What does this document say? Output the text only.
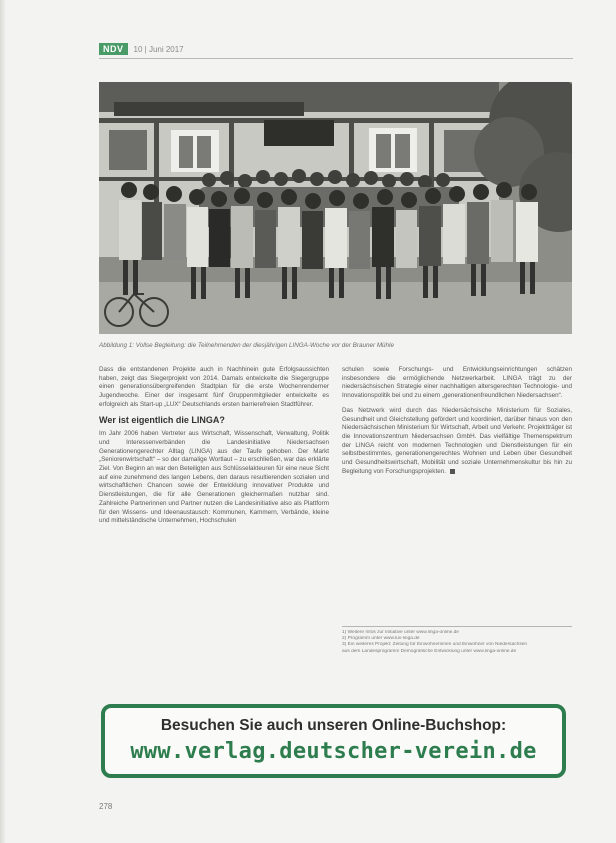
NDV	10 | Juni 2017
Abbildung 1: Vollse Begleitung: die Teilnehmenden der diesjährigen LINGA-Woche vor der Brauner Mühle

Dass die entstandenen Projekte auch in Nachhinein gute Erfolgsaussichten haben, zeigt das Siegerprojekt von 2014. Damals entwickelte die Siegergruppe einen generationsübergreifenden Stadtplan für die erste Wochenrenderner Jugendwoche. Einer der insgesamt fünf Gruppenmitglieder entwickelte es erfolgreich als Start-up „LUX“ Deutschlands ersten barrierefreien Stadtführer.

Wer ist eigentlich die LINGA?

Im Jahr 2006 haben Vertreter aus Wirtschaft, Wissenschaft, Verwaltung, Politik und Interessenverbänden die Landesinitiative Niedersachsen Generationengerechter Alltag (LINGA) aus der Taufe gehoben. Der Markt „Seniorenwirtschaft“ – so der damalige Wortlaut – zu erschließen, war das erklärte Ziel. Von Beginn an war den Beteiligten aus Schlüsselakteuren für eine neue Sicht auf eine zunehmend des langen Lebens, den daraus resultierenden sozialen und wirtschaftlichen Chancen sowie der Entwicklung innovativer Produkte und Dienstleistungen, die für alle Generationen gleichermaßen nutzbar sind. Zahlreiche Partnerinnen und Partner nutzen die Landesinitiative also als Plattform für den Wissens- und Ideenaustausch: Kommunen, Kammern, Verbände, kleine und mittelständische Unternehmen, Hochschulen

schulen sowie Forschungs- und Entwicklungseinrichtungen schätzen insbesondere die ermöglichende Netzwerkarbeit. LINGA trägt zu der niedersächsischen Strategie einer nachhaltigen altersgerechten Technologie- und Innovationspolitik bei und zu einem „generationenfreundlichen Niedersachsen“.

Das Netzwerk wird durch das Niedersächsische Ministerium für Soziales, Gesundheit und Gleichstellung gefördert und koordiniert, darüber hinaus von den Niedersächsischen Ministerium für Wirtschaft, Arbeit und Verkehr. Projektträger ist die Innovationszentrum Niedersachsen GmbH. Das vielfältige Themenspektrum der LINGA reicht von modernen Technologien und Dienstleistungen für ein selbstbestimmtes, generationengerechtes Wohnen und Leben über Gesundheit und Gesundheitswirtschaft, Mobilität und soziale Unternehmenskultur bis hin zu Begleitung von Forschungsprojekten.

1) Weitere Infos zur Initiative unter www.linga-online.de
2) Programm unter www.lux-linga.de
3) Ein weiteres Projekt: Zeitung für Einwohnerinnen und Einwohner von Niedersachsen
aus dem Landesprogramm Demografische Entwicklung unter www.linga-online.de
Besuchen Sie auch unseren Online-Buchshop:
www.verlag.deutscher-verein.de
278
